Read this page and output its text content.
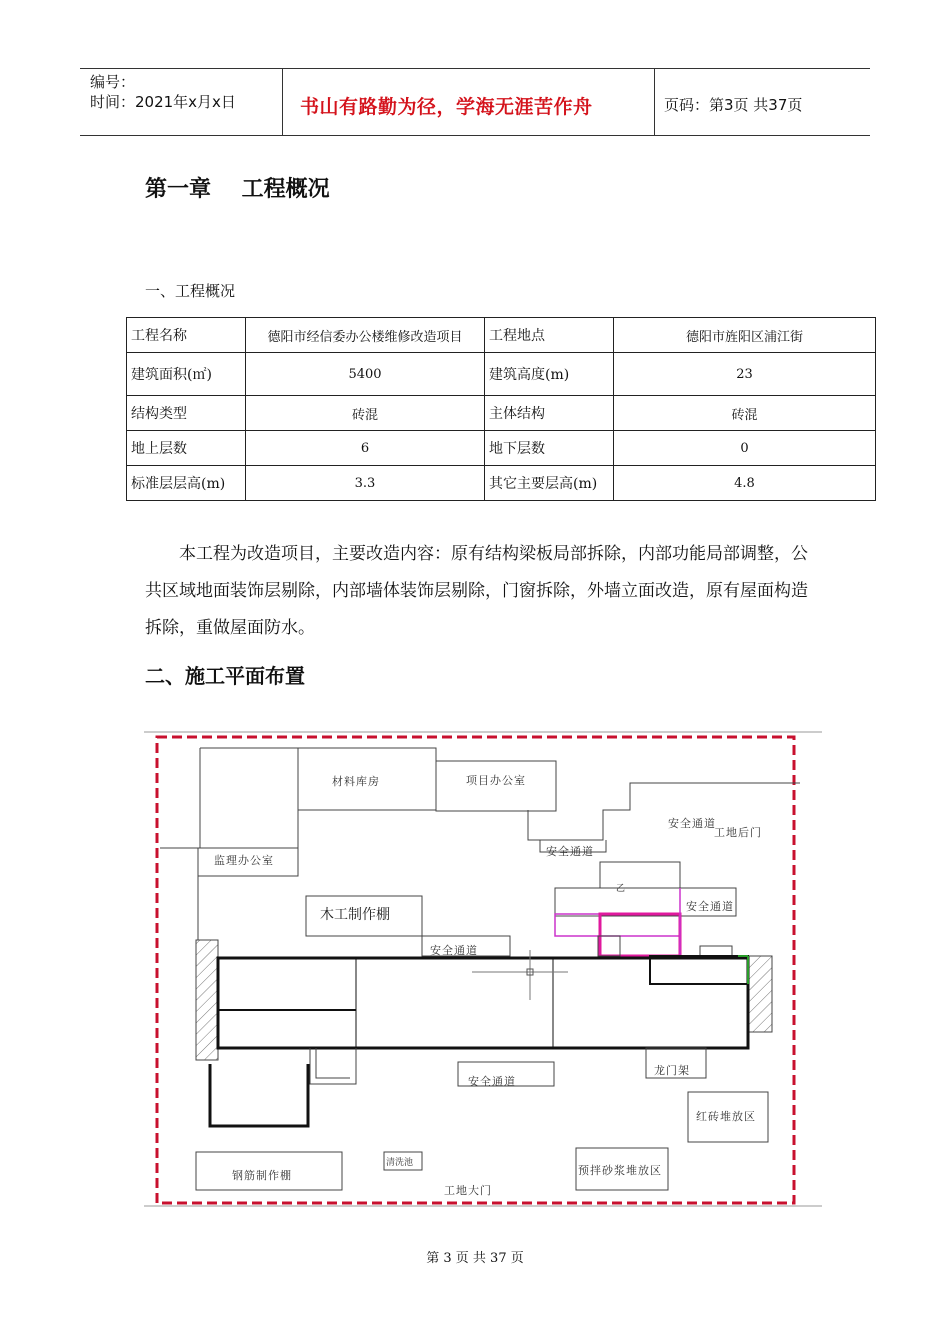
编号：
时间：2021年x月x日	书山有路勤为径，学海无涯苦作舟	页码：第3页 共37页
第一章    工程概况
一、工程概况
工程名称	德阳市经信委办公楼维修改造项目	工程地点	德阳市旌阳区浦江街
建筑面积(㎡)	5400	建筑高度(m)	23
结构类型	砖混	主体结构	砖混
地上层数	6	地下层数	0
标准层层高(m)	3.3	其它主要层高(m)	4.8
本工程为改造项目，主要改造内容：原有结构梁板局部拆除，内部功能局部调整，公共区域地面装饰层剔除，内部墙体装饰层剔除，门窗拆除，外墙立面改造，原有屋面构造拆除，重做屋面防水。
二、施工平面布置
材料库房	项目办公室
安全通道
工地后门
安全通道
监理办公室
木工制作棚
乙
安全通道
安全通道
龙门架
安全通道
红砖堆放区
清洗池
预拌砂浆堆放区
钢筋制作棚
工地大门
第 3 页 共 37 页
